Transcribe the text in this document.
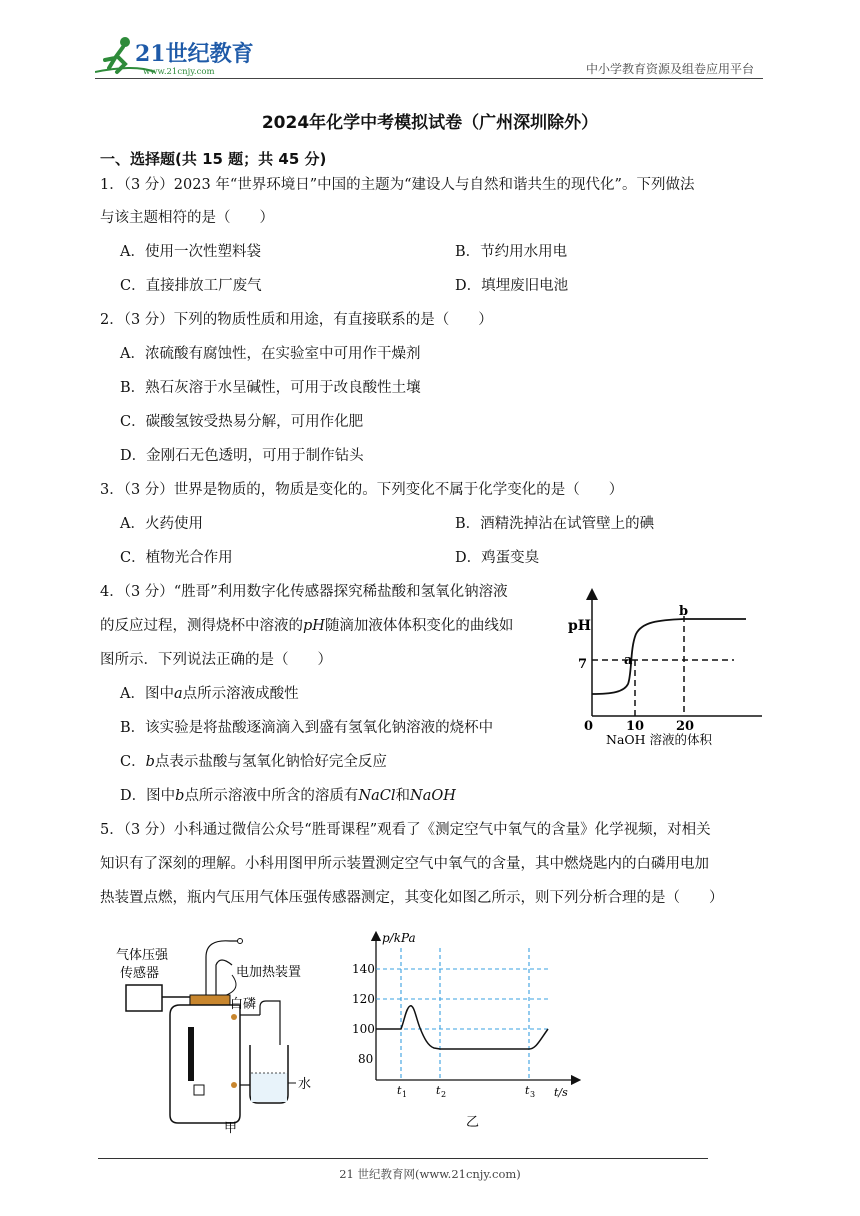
21世纪教育
www.21cnjy.com	中小学教育资源及组卷应用平台
2024年化学中考模拟试卷（广州深圳除外）
一、选择题(共 15 题；共 45 分)
1．（3 分）2023 年“世界环境日”中国的主题为“建设人与自然和谐共生的现代化”。下列做法
与该主题相符的是（　　）
A．使用一次性塑料袋	B．节约用水用电
C．直接排放工厂废气	D．填埋废旧电池
2．（3 分）下列的物质性质和用途，有直接联系的是（　　）
A．浓硫酸有腐蚀性，在实验室中可用作干燥剂
B．熟石灰溶于水呈碱性，可用于改良酸性土壤
C．碳酸氢铵受热易分解，可用作化肥
D．金刚石无色透明，可用于制作钻头
3．（3 分）世界是物质的，物质是变化的。下列变化不属于化学变化的是（　　）
A．火药使用	B．酒精洗掉沾在试管壁上的碘
C．植物光合作用	D．鸡蛋变臭
4．（3 分）“胜哥”利用数字化传感器探究稀盐酸和氢氧化钠溶液
的反应过程，测得烧杯中溶液的pH随滴加液体体积变化的曲线如
图所示．下列说法正确的是（　　）
A．图中a点所示溶液成酸性
B．该实验是将盐酸逐滴滴入到盛有氢氧化钠溶液的烧杯中
C．b点表示盐酸与氢氧化钠恰好完全反应
D．图中b点所示溶液中所含的溶质有NaCl和NaOH
pH
7	a
b
0	10 20
NaOH 溶液的体积
5．（3 分）小科通过微信公众号“胜哥课程”观看了《测定空气中氧气的含量》化学视频，对相关
知识有了深刻的理解。小科用图甲所示装置测定空气中氧气的含量，其中燃烧匙内的白磷用电加
热装置点燃，瓶内气压用气体压强传感器测定，其变化如图乙所示，则下列分析合理的是（　　）
气体压强
传感器	电加热装置
白磷
水
甲
p/kPa
140
120
100
80
t 1	t 2	t 3 t/s
乙
21 世纪教育网(www.21cnjy.com)
